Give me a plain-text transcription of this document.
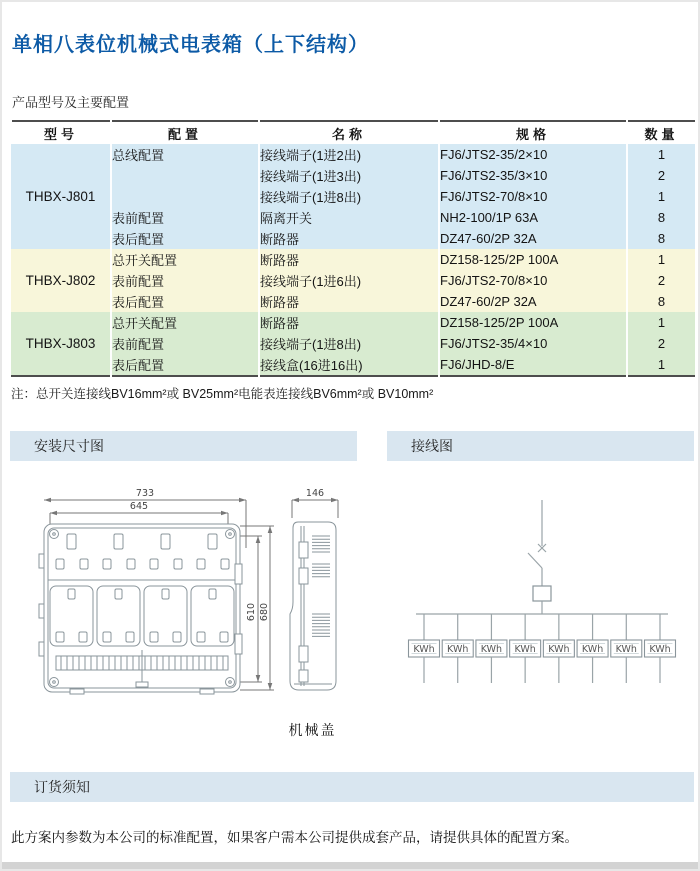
单相八表位机械式电表箱（上下结构）
产品型号及主要配置
型号	配置	名称	规格	数量
THBX-J801	总线配置	接线端子(1进2出)	FJ6/JTS2-35/2×10	1
		接线端子(1进3出)	FJ6/JTS2-35/3×10	2
		接线端子(1进8出)	FJ6/JTS2-70/8×10	1
	表前配置	隔离开关	NH2-100/1P 63A	8
	表后配置	断路器	DZ47-60/2P 32A	8
THBX-J802	总开关配置	断路器	DZ158-125/2P 100A	1
	表前配置	接线端子(1进6出)	FJ6/JTS2-70/8×10	2
	表后配置	断路器	DZ47-60/2P 32A	8
THBX-J803	总开关配置	断路器	DZ158-125/2P 100A	1
	表前配置	接线端子(1进8出)	FJ6/JTS2-35/4×10	2
	表后配置	接线盒(16进16出)	FJ6/JHD-8/E	1
注：总开关连接线BV16mm²或 BV25mm²电能表连接线BV6mm²或 BV10mm²
安装尺寸图	接线图
733
645
610 680
146
机械盖
KWh KWh KWh KWh KWh KWh KWh KWh
订货须知
此方案内参数为本公司的标准配置，如果客户需本公司提供成套产品，请提供具体的配置方案。
